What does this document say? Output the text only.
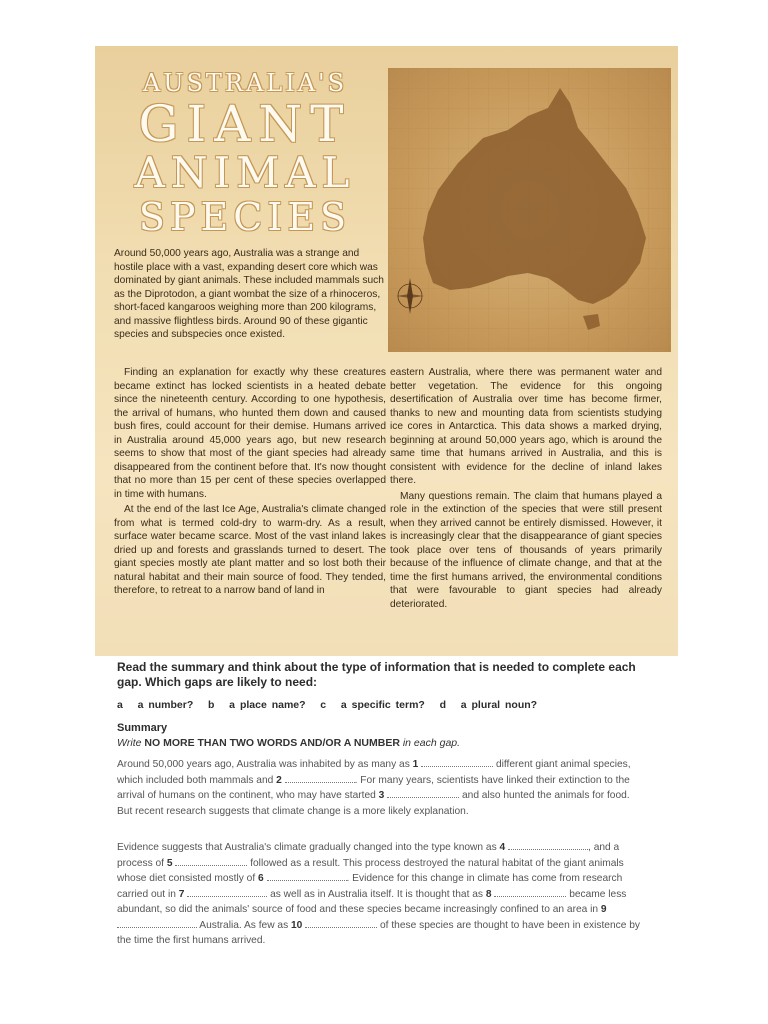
AUSTRALIA'S
GIANT
ANIMAL
SPECIES
Around 50,000 years ago, Australia was a strange and hostile place with a vast, expanding desert core which was dominated by giant animals. These included mammals such as the Diprotodon, a giant wombat the size of a rhinoceros, short-faced kangaroos weighing more than 200 kilograms, and massive flightless birds. Around 90 of these gigantic species and subspecies once existed.

Finding an explanation for exactly why these creatures became extinct has locked scientists in a heated debate since the nineteenth century. According to one hypothesis, the arrival of humans, who hunted them down and caused bush fires, could account for their demise. Humans arrived in Australia around 45,000 years ago, but new research seems to show that most of the giant species had already disappeared from the continent before that. It's now thought that no more than 15 per cent of these species overlapped in time with humans.

At the end of the last Ice Age, Australia's climate changed from what is termed cold-dry to warm-dry. As a result, surface water became scarce. Most of the vast inland lakes dried up and forests and grasslands turned to desert. The giant species mostly ate plant matter and so lost both their natural habitat and their main source of food. They tended, therefore, to retreat to a narrow band of land in

eastern Australia, where there was permanent water and better vegetation. The evidence for this ongoing desertification of Australia over time has become firmer, thanks to new and mounting data from scientists studying ice cores in Antarctica. This data shows a marked drying, beginning at around 50,000 years ago, which is around the same time that humans arrived in Australia, and this is consistent with evidence for the decline of inland lakes there.

Many questions remain. The claim that humans played a role in the extinction of the species that were still present when they arrived cannot be entirely dismissed. However, it is increasingly clear that the disappearance of giant species took place over tens of thousands of years primarily because of the influence of climate change, and that at the time the first humans arrived, the environmental conditions that were favourable to giant species had already deteriorated.

Read the summary and think about the type of information that is needed to complete each gap. Which gaps are likely to need:
a   a number?   b   a place name?   c   a specific term?   d   a plural noun?
Summary
Write NO MORE THAN TWO WORDS AND/OR A NUMBER in each gap.
Around 50,000 years ago, Australia was inhabited by as many as 1	different giant animal species, which included both mammals and 2	. For many years, scientists have linked their extinction to the arrival of humans on the continent, who may have started 3	and also hunted the animals for food. But recent research suggests that climate change is a more likely explanation.
Evidence suggests that Australia's climate gradually changed into the type known as 4	, and a process of 5	followed as a result. This process destroyed the natural habitat of the giant animals whose diet consisted mostly of 6	. Evidence for this change in climate has come from research carried out in 7	as well as in Australia itself. It is thought that as 8	became less abundant, so did the animals' source of food and these species became increasingly confined to an area in 9  Australia. As few as 10	of these species are thought to have been in existence by the time the first humans arrived.
